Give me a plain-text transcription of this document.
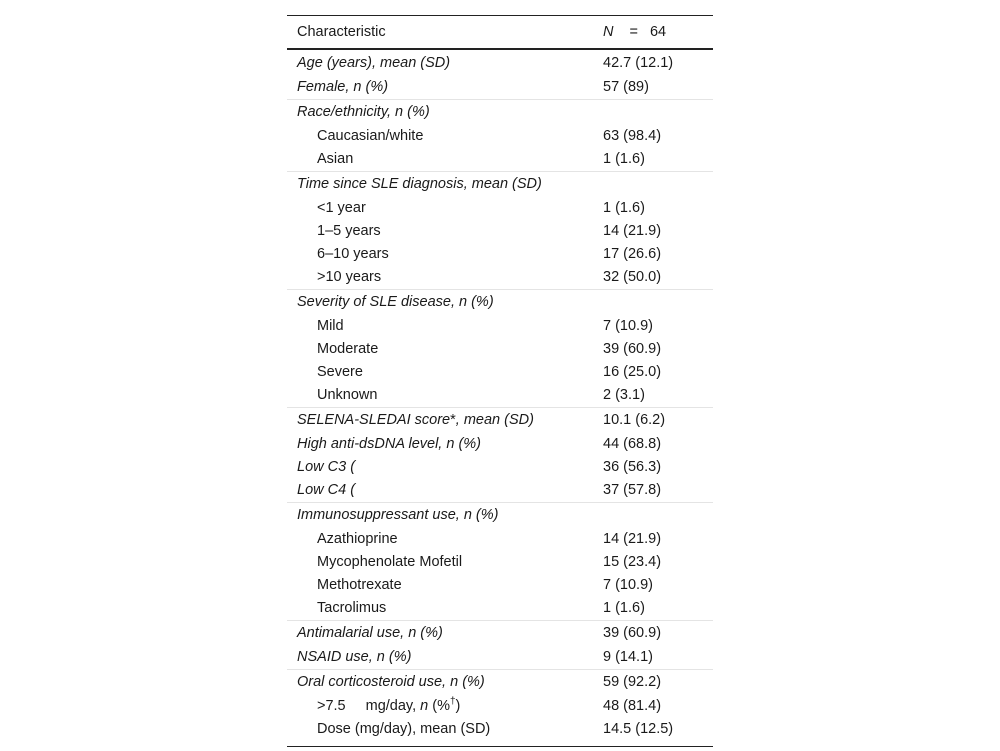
Characteristic	N = 64
Age (years), mean (SD)	42.7 (12.1)
Female, n (%)	57 (89)
Race/ethnicity, n (%)
Caucasian/white	63 (98.4)
Asian	1 (1.6)
Time since SLE diagnosis, mean (SD)
<1 year	1 (1.6)
1–5 years	14 (21.9)
6–10 years	17 (26.6)
>10 years	32 (50.0)
Severity of SLE disease, n (%)
Mild	7 (10.9)
Moderate	39 (60.9)
Severe	16 (25.0)
Unknown	2 (3.1)
SELENA-SLEDAI score*, mean (SD)	10.1 (6.2)
High anti-dsDNA level, n (%)	44 (68.8)
Low C3 (	36 (56.3)
Low C4 (	37 (57.8)
Immunosuppressant use, n (%)
Azathioprine	14 (21.9)
Mycophenolate Mofetil	15 (23.4)
Methotrexate	7 (10.9)
Tacrolimus	1 (1.6)
Antimalarial use, n (%)	39 (60.9)
NSAID use, n (%)	9 (14.1)
Oral corticosteroid use, n (%)	59 (92.2)
>7.5 mg/day, n (%†)	48 (81.4)
Dose (mg/day), mean (SD)	14.5 (12.5)
